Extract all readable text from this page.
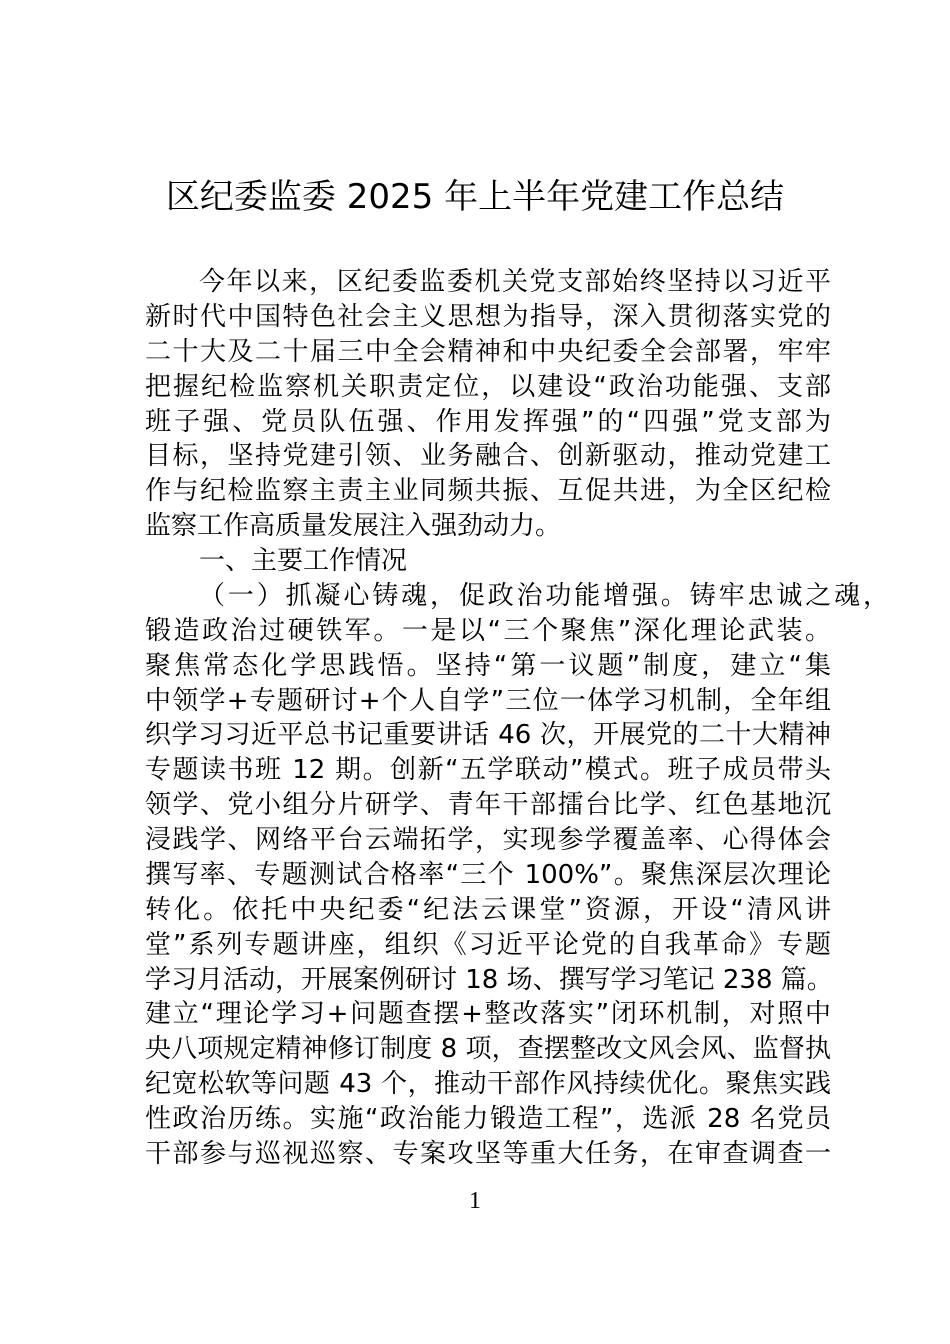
区纪委监委 2025 年上半年党建工作总结
今年以来，区纪委监委机关党支部始终坚持以习近平
新时代中国特色社会主义思想为指导，深入贯彻落实党的
二十大及二十届三中全会精神和中央纪委全会部署，牢牢
把握纪检监察机关职责定位，以建设“政治功能强、支部
班子强、党员队伍强、作用发挥强”的“四强”党支部为
目标，坚持党建引领、业务融合、创新驱动，推动党建工
作与纪检监察主责主业同频共振、互促共进，为全区纪检
监察工作高质量发展注入强劲动力。
一、主要工作情况
（一）抓凝心铸魂，促政治功能增强。铸牢忠诚之魂，
锻造政治过硬铁军。一是以“三个聚焦”深化理论武装。
聚焦常态化学思践悟。坚持“第一议题”制度，建立“集
中领学+专题研讨+个人自学”三位一体学习机制，全年组
织学习习近平总书记重要讲话 46 次，开展党的二十大精神
专题读书班 12 期。创新“五学联动”模式。班子成员带头
领学、党小组分片研学、青年干部擂台比学、红色基地沉
浸践学、网络平台云端拓学，实现参学覆盖率、心得体会
撰写率、专题测试合格率“三个 100%”。聚焦深层次理论
转化。依托中央纪委“纪法云课堂”资源，开设“清风讲
堂”系列专题讲座，组织《习近平论党的自我革命》专题
学习月活动，开展案例研讨 18 场、撰写学习笔记 238 篇。
建立“理论学习+问题查摆+整改落实”闭环机制，对照中
央八项规定精神修订制度 8 项，查摆整改文风会风、监督执
纪宽松软等问题 43 个，推动干部作风持续优化。聚焦实践
性政治历练。实施“政治能力锻造工程”，选派 28 名党员
干部参与巡视巡察、专案攻坚等重大任务，在审查调查一
1
